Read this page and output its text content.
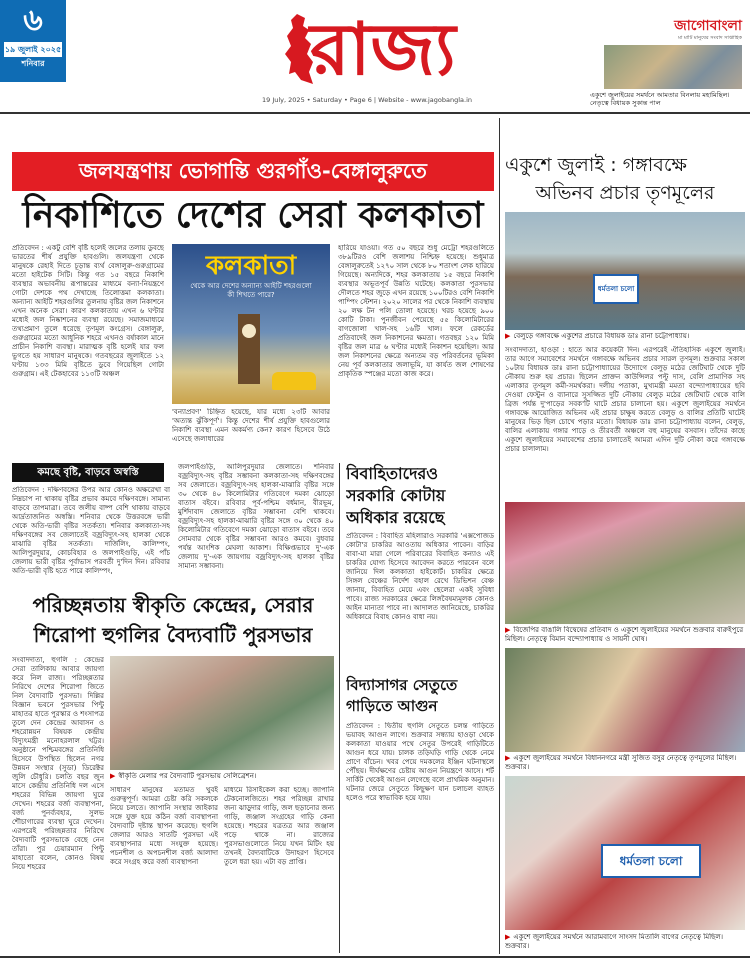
৬
১৯ জুলাই ২০২৫
শনিবার	রাজ্য
19 July, 2025 • Saturday • Page 6 | Website - www.jagobangla.in
জাগোবাংলা
মা মাটি মানুষের সংবাদ সাপ্তাহিক
একুশে জুলাইয়ের সমর্থনে আমতার বিনলায় মহামিছিল। নেতৃত্বে বিধায়ক সুকান্ত পাল
জলযন্ত্রণায় ভোগান্তি গুরগাঁও-বেঙ্গালুরুতে
নিকাশিতে দেশের সেরা কলকাতা
প্রতিবেদন : একটু বেশি বৃষ্টি হলেই জলের তলায় ডুবছে ভারতের শীর্ষ প্রযুক্তি হাবগুলি। জলযন্ত্রণা থেকে মানুষকে রেহাই দিতে চূড়ান্ত ব্যর্থ বেঙ্গালুরু-গুরুগ্রামের মতো হাইটেক সিটি। কিন্তু গত ১৫ বছরে নিকাশি ব্যবস্থার অভাবনীয় রূপান্তরের মাধ্যমে বন্যা-নিয়ন্ত্রণে গোটা দেশকে পথ দেখাচ্ছে তিলোত্তমা কলকাতা। অন্যান্য আইটি শহরগুলির তুলনায় বৃষ্টির জল নিকাশনে এখন অনেক সেরা। কারণ কলকাতায় এখন ৬ ঘণ্টার মধ্যেই জল নিষ্কাশনের ব্যবস্থা রয়েছে। সমাজমাধ্যমে তথ্যপ্রমাণ তুলে ধরেছে তৃণমূল কংগ্রেস। বেঙ্গালুরু, গুরুগ্রামের মতো আধুনিক শহরে এখনও বর্ষাকাল মানে প্রাচীন নিকাশি ব্যবস্থা। মারাত্মক বৃষ্টি হলেই যার ফল ভুগতে হয় সাধারণ মানুষকে। গতবছরের জুলাইতে ১২ ঘণ্টায় ১৩৩ মিমি বৃষ্টিতে ডুবে গিয়েছিল গোটা গুরুগ্রাম। এই টেকহাবের ১১৩টি অঞ্চল
কলকাতা
থেকে আর দেশের অন্যান্য আইটি শহরগুলো কী শিখতে পারে?
'বন্যাপ্রবণ' চিহ্নিত হয়েছে, যার মধ্যে ২৩টি আবার 'অত্যন্ত ঝুঁকিপূর্ণ'। কিন্তু দেশের শীর্ষ প্রযুক্তি হাবগুলোর নিকাশি ব্যবস্থা এমন অকর্মণ্য কেন? কারণ হিসেবে উঠে এসেছে জলাধারের
হারিয়ে যাওয়া। গত ৫০ বছরে শুধু মেট্রো শহরগুলিতে ৩৮৯টিরও বেশি জলাশয় নিশ্চিহ্ন হয়েছে। শুধুমাত্র বেঙ্গালুরুতেই ১২৭০ সাল থেকে ৮০ শতাংশ লেক হারিয়ে গিয়েছে। অন্যদিকে, শহর কলকাতায় ১৫ বছরে নিকাশি ব্যবস্থার অভূতপূর্ব উন্নতি ঘটেছে। কলকাতা পুরসভার দৌলতে শহর জুড়ে এখন রয়েছে ১০০টিরও বেশি নিকাশি পাম্পিং স্টেশন। ২০২০ সালের পর থেকে নিকাশি ব্যবস্থায় ২০ লক্ষ টন পলি তোলা হয়েছে। খরচ হয়েছে ৯০০ কোটি টাকা। পুনর্জীবন পেয়েছে ৫৫ কিলোমিটারের বাগজোলা খাল-সহ ১৬টি খাল। ফলে রেকর্ডের প্রতিবাদেই জল নিকাশনের ক্ষমতা। গতবছর ১২০ মিমি বৃষ্টির জল মাত্র ৬ ঘণ্টার মধ্যেই নিকাশন হয়েছিল। আর জল নিকাশনের ক্ষেত্রে অন্যতম বড় পরিবর্তনের ভূমিকা নেয় পূর্ব কলকাতার জলাভূমি, যা কার্যত জল শোষণের প্রাকৃতিক স্পঞ্জের মতো কাজ করে।
কমছে বৃষ্টি, বাড়বে অস্বস্তি
প্রতিবেদন : দক্ষিণবঙ্গের উপর আর কোনও অক্ষরেখা বা নিম্নচাপ না থাকায় বৃষ্টির প্রভাব কমবে দক্ষিণবঙ্গে। সামান্য বাড়বে তাপমাত্রা। তবে জলীয় বাষ্প বেশি থাকায় বাড়বে আর্দ্রতাজনিত অস্বস্তি। শনিবার থেকে উত্তরবঙ্গে ভারী থেকে অতি-ভারী বৃষ্টির সতর্কতা। শনিবার কলকাতা-সহ দক্ষিণবঙ্গের সব জেলাতেই বজ্রবিদ্যুৎ-সহ হালকা থেকে মাঝারি বৃষ্টির সতর্কতা। দার্জিলিং, কালিম্পং, আলিপুরদুয়ার, কোচবিহার ও জলপাইগুড়ি, এই পাঁচ জেলায় ভারী বৃষ্টির পূর্বাভাস পরবর্তী দু'দিন দিন। রবিবার অতি-ভারী বৃষ্টি হতে পারে কালিম্পং,
জলপাইগুড়ি, আলিপুরদুয়ার জেলাতে। শনিবার বজ্রবিদ্যুৎ-সহ বৃষ্টির সম্ভাবনা কলকাতা-সহ দক্ষিণবঙ্গের সব জেলাতে। বজ্রবিদ্যুৎ-সহ হালকা-মাঝারি বৃষ্টির সঙ্গে ৩০ থেকে ৪০ কিলোমিটার গতিবেগে দমকা ঝোড়ো বাতাস বইবে। রবিবার পূর্ব-পশ্চিম বর্ধমান, বীরভূম, মুর্শিদাবাদ জেলাতে বৃষ্টির সম্ভাবনা বেশি থাকবে। বজ্রবিদ্যুৎ-সহ হালকা-মাঝারি বৃষ্টির সঙ্গে ৩০ থেকে ৪০ কিলোমিটার গতিবেগে দমকা ঝোড়ো বাতাস বইবে। তবে সোমবার থেকে বৃষ্টির সম্ভাবনা আরও কমবে। বুধবার পর্যন্ত আংশিক মেঘলা আকাশ। বিক্ষিপ্তভাবে দু'-এক জেলায় দু'-এক জায়গায় বজ্রবিদ্যুৎ-সহ হালকা বৃষ্টির সামান্য সম্ভাবনা।
পরিচ্ছন্নতায় স্বীকৃতি কেন্দ্রের, সেরার
শিরোপা হুগলির বৈদ্যবাটি পুরসভার
সংবাদদাতা, হুগলি : কেন্দ্রের সেরা তালিকায় আবার জায়গা করে নিল রাজ্য। পরিচ্ছন্নতার নিরিখে দেশের শিরোপা জিতে নিল বৈদ্যবাটি পুরসভা। দিল্লির বিজ্ঞান ভবনে পুরসভার পিন্টু মাহাতর হাতে পুরস্কার ও শংসাপত্র তুলে দেন কেন্দ্রের আবাসন ও শহরোন্নয়ন বিষয়ক কেন্দ্রীয় বিদ্যুৎমন্ত্রী মনোহরলাল খট্টর। অনুষ্ঠানে পশ্চিমবঙ্গের প্রতিনিধি হিসেবে উপস্থিত ছিলেন নগর উন্নয়ন সংস্থার (সুডা) ডিরেক্টর জুলি চৌধুরি। চলতি বছর জুন মাসে কেন্দ্রীয় প্রতিনিধি দল এসে শহরের বিভিন্ন জায়গা ঘুরে দেখেন। শহরের বর্জ্য ব্যবস্থাপনা, বর্জ্য পুনর্ব্যবহার, সুলভ শৌচাগারের ব্যবস্থা ঘুরে দেখেন। এরপরেই পরিচ্ছন্নতার নিরিখে বৈদ্যবাটি পুরসভাকে বেছে নেন তাঁরা। পুর চেয়ারম্যান পিন্টু মাহাতো বলেন, কোনও বিষয় নিয়ে শহরের
▶ স্বীকৃতি মেলার পর বৈদ্যবাটি পুরসভায় সেলিব্রেশন।
সাধারণ মানুষের মতামত খুবই গুরুত্বপূর্ণ। আমরা চেষ্টা করি সকলকে নিয়ে চলতে। জাপানি সংস্থার জাইকার সঙ্গে যুক্ত হয়ে কঠিন বর্জ্য ব্যবস্থাপনা বৈদ্যবাটি দৃষ্টান্ত স্থাপন করেছে। হুগলি জেলার আরও সাতটি পুরসভা এই ব্যবস্থাপনার মধ্যে সংযুক্ত হয়েছে। পচনশীল ও অপচনশীল বর্জ্য আলাদা করে সংগ্রহ করে বর্জ্য ব্যবস্থাপনা
মাধ্যমে রিসাইকেল করা হচ্ছে। জাপানি টেকনোলজিতে। শহর পরিচ্ছন্ন রাখার জন্য ঝাড়ুদার গাড়ি, জল ছড়ানোর জন্য গাড়ি, জঞ্জাল সংগ্রহের গাড়ি কেনা হয়েছে। শহরের যত্রতত্র আর জঞ্জাল পড়ে থাকে না। রাজ্যের পুরসভাগুলোতে নিয়ে যখন মিটিং হয় তখনই বৈদ্যবাটিকে উদাহরণ হিসেবে তুলে ধরা হয়। এটা বড় প্রাপ্তি।
বিবাহিতাদেরও
সরকারি কোটায়
অধিকার রয়েছে
প্রতিবেদন : বিবাহিত মহিলারাও সরকারি 'এক্সপোজড কোটা'র চাকরির আওতায় অধিকার পাবেন। বাড়ির বাবা-মা মারা গেলে পরিবারের বিবাহিত কন্যাও এই চাকরির যোগ্য হিসেবে আবেদন করতে পারবেন বলে জানিয়ে দিল কলকাতা হাইকোর্ট। চাকরির ক্ষেত্রে সিঙ্গল বেঞ্চের নির্দেশ বহাল রেখে ডিভিশন বেঞ্চ জানায়, বিবাহিত মেয়ে এবং ছেলেরা একই সুবিধা পাবে। রাজ্য সরকারের ক্ষেত্রে লিঙ্গবৈষম্যমূলক কোনও আইন মান্যতা পাবে না। আদালত জানিয়েছে, চাকরির অধিকারে বিবাহ কোনও বাধা নয়।
বিদ্যাসাগর সেতুতে
গাড়িতে আগুন
প্রতিবেদন : দ্বিতীয় হুগলি সেতুতে চলন্ত গাড়িতে ভয়াবহ আগুন লাগে। শুক্রবার সন্ধ্যায় হাওড়া থেকে কলকাতা যাওয়ার পথে সেতুর উপরেই গাড়িটিতে আগুন ধরে যায়। চালক তড়িঘড়ি গাড়ি থেকে নেমে প্রাণে বাঁচেন। খবর পেয়ে দমকলের ইঞ্জিন ঘটনাস্থলে পৌঁছয়। দীর্ঘক্ষণের চেষ্টায় আগুন নিয়ন্ত্রণে আসে। শর্ট সার্কিট থেকেই আগুন লেগেছে বলে প্রাথমিক অনুমান। ঘটনার জেরে সেতুতে কিছুক্ষণ যান চলাচল ব্যাহত হলেও পরে স্বাভাবিক হয়ে যায়।
একুশে জুলাই : গঙ্গাবক্ষে
অভিনব প্রচার তৃণমূলের
ধর্মতলা চলো
▶ বেলুড়ে গঙ্গাবক্ষে একুশের প্রচারে বিধায়ক ডাঃ রানা চট্টোপাধ্যায়।
সংবাদদাতা, হাওড়া : হাতে আর কয়েকটা দিন। এরপরেই ঐতিহাসিক একুশে জুলাই। তার আগে সমাবেশের সমর্থনে গঙ্গাবক্ষে অভিনব প্রচার সারল তৃণমূল। শুক্রবার সকাল ১০টায় বিধায়ক ডাঃ রানা চট্টোপাধ্যায়ের উদ্যোগে বেলুড় মঠের জেটিঘাট থেকে দুটি নৌকায় শুরু হয় প্রচার। ছিলেন প্রাক্তন কাউন্সিলর পল্টু দাস, বেলি প্রামাণিক সহ এলাকার তৃণমূল কর্মী-সমর্থকরা। দলীয় পতাকা, মুখ্যমন্ত্রী মমতা বন্দ্যোপাধ্যায়ের ছবি দেওয়া ফেস্টুন ও ব্যানারে সুসজ্জিত দুটি নৌকায় বেলুড় মঠের জেটিঘাট থেকে বালি ব্রিজ পর্যন্ত দু'পাড়ের সবক'টি ঘাটে প্রচার চালানো হয়। একুশে জুলাইয়ের সমর্থনে গঙ্গাবক্ষে আয়োজিত অভিনব এই প্রচার চাক্ষুষ করতে বেলুড় ও বালির প্রতিটি ঘাটেই মানুষের ভিড় ছিল চোখে পড়ার মতো। বিধায়ক ডাঃ রানা চট্টোপাধ্যায় বলেন, বেলুড়, বালির এলাকায় গঙ্গার পাড়ে ও তীরবর্তী অঞ্চলে বহু মানুষের বসবাস। তাঁদের কাছে একুশে জুলাইয়ের সমাবেশের প্রচার চালাতেই আমরা এদিন দুটি নৌকা করে গঙ্গাবক্ষে প্রচার চালালাম।
▶ বিজেপির বাঙালি বিদ্বেষের প্রতিবাদ ও একুশে জুলাইয়ের সমর্থনে শুক্রবার বারুইপুরে মিছিল। নেতৃত্বে বিমান বন্দ্যোপাধ্যায় ও সায়নী ঘোষ।
▶ একুশে জুলাইয়ের সমর্থনে বিধাননগরে মন্ত্রী সুজিত বসুর নেতৃত্বে তৃণমূলের মিছিল। শুক্রবার।
ধর্মতলা চলো
▶ একুশে জুলাইয়ের সমর্থনে আরামবাগে সাংসদ মিতালি বাগের নেতৃত্বে মিছিল। শুক্রবার।
